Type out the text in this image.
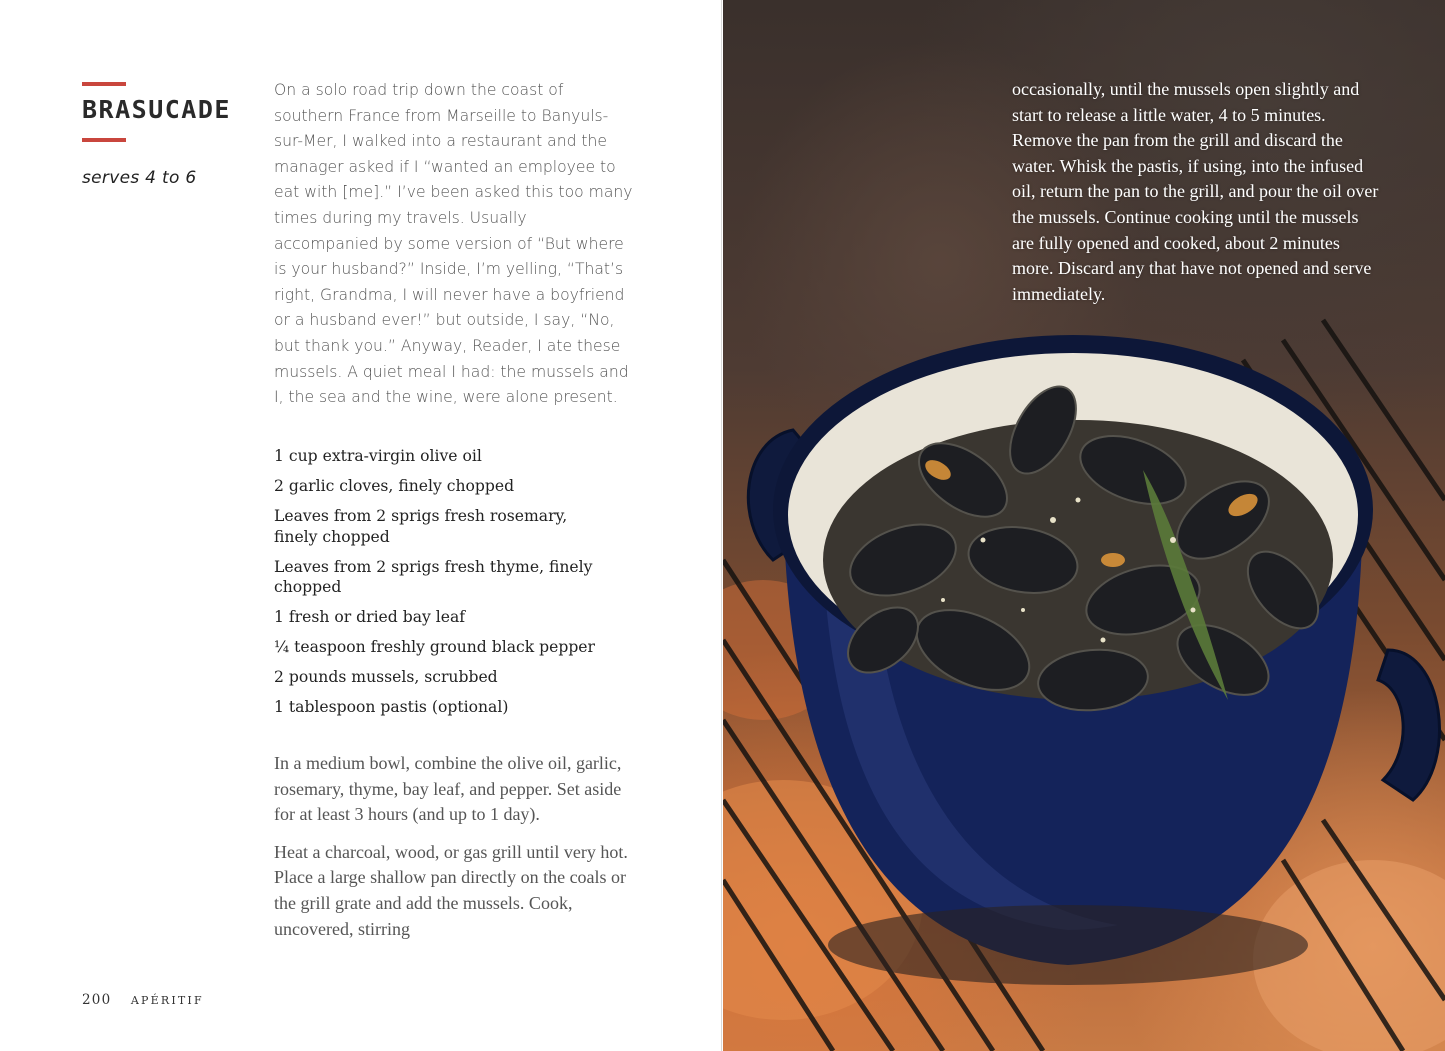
BRASUCADE
serves 4 to 6

On a solo road trip down the coast of southern France from Marseille to Banyuls-sur-Mer, I walked into a restaurant and the manager asked if I “wanted an employee to eat with [me].” I’ve been asked this too many times during my travels. Usually accompanied by some version of “But where is your husband?” Inside, I’m yelling, “That’s right, Grandma, I will never have a boyfriend or a husband ever!” but outside, I say, “No, but thank you.” Anyway, Reader, I ate these mussels. A quiet meal I had: the mussels and I, the sea and the wine, were alone present.

1 cup extra-virgin olive oil
2 garlic cloves, finely chopped
Leaves from 2 sprigs fresh rosemary, finely chopped
Leaves from 2 sprigs fresh thyme, finely chopped
1 fresh or dried bay leaf
¼ teaspoon freshly ground black pepper
2 pounds mussels, scrubbed
1 tablespoon pastis (optional)

In a medium bowl, combine the olive oil, garlic, rosemary, thyme, bay leaf, and pepper. Set aside for at least 3 hours (and up to 1 day).

Heat a charcoal, wood, or gas grill until very hot. Place a large shallow pan directly on the coals or the grill grate and add the mussels. Cook, uncovered, stirring

200 APÉRITIF

occasionally, until the mussels open slightly and start to release a little water, 4 to 5 minutes. Remove the pan from the grill and discard the water. Whisk the pastis, if using, into the infused oil, return the pan to the grill, and pour the oil over the mussels. Continue cooking until the mussels are fully opened and cooked, about 2 minutes more. Discard any that have not opened and serve immediately.
